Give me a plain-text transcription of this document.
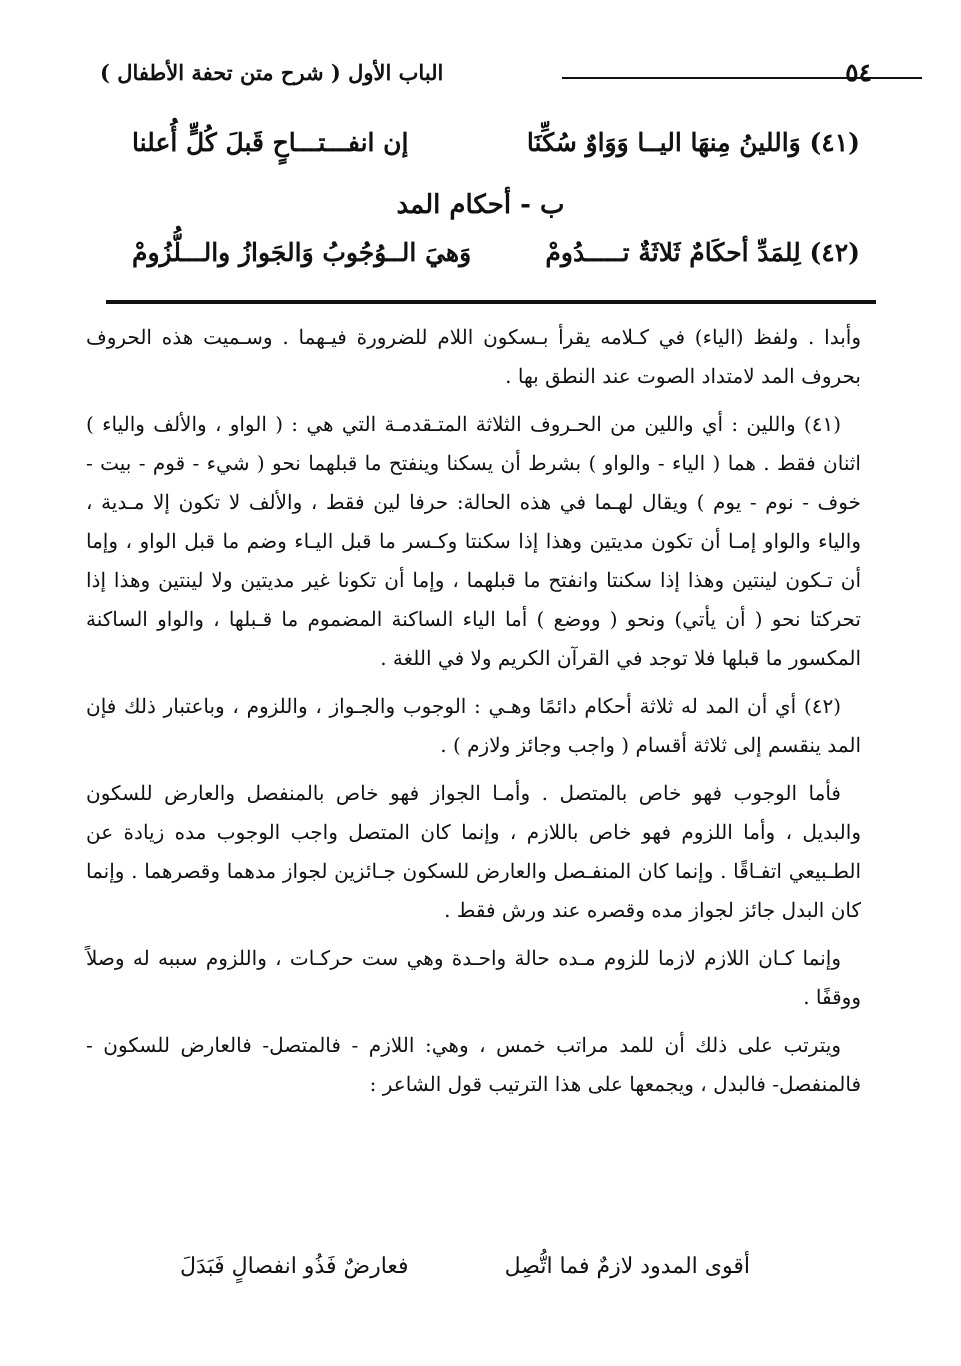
٥٤
الباب الأول ( شرح متن تحفة الأطفال )
(٤١) وَاللينُ مِنهَا اليــا وَوَاوٌ سُكِّنَا
إن انفـــتـــاحٍ قَبلَ كُلٍّ أُعلنا
ب - أحكام المد
(٤٢) لِلمَدِّ أحكَامٌ ثَلاثَةٌ تـــــدُومْ
وَهيَ الــوُجُوبُ وَالجَوازُ والـــلُّزُومْ

وأبدا . ولفظ (الياء) في كـلامه يقرأ بـسكون اللام للضرورة فيـهما . وسـميت هذه الحروف بحروف المد لامتداد الصوت عند النطق بها .

(٤١) واللين : أي واللين من الحـروف الثلاثة المتـقدمـة التي هي : ( الواو ، والألف والياء ) اثنان فقط . هما ( الياء - والواو ) بشرط أن يسكنا وينفتح ما قبلهما نحو ( شيء - قوم - بيت - خوف - نوم - يوم ) ويقال لهـما في هذه الحالة: حرفا لين فقط ، والألف لا تكون إلا مـدية ، والياء والواو إمـا أن تكون مديتين وهذا إذا سكنتا وكـسر ما قبل اليـاء وضم ما قبل الواو ، وإما أن تـكون لينتين وهذا إذا سكنتا وانفتح ما قبلهما ، وإما أن تكونا غير مديتين ولا لينتين وهذا إذا تحركتا نحو ( أن يأتي) ونحو ( ووضع ) أما الياء الساكنة المضموم ما قـبلها ، والواو الساكنة المكسور ما قبلها فلا توجد في القرآن الكريم ولا في اللغة .

(٤٢) أي أن المد له ثلاثة أحكام دائمًا وهـي : الوجوب والجـواز ، واللزوم ، وباعتبار ذلك فإن المد ينقسم إلى ثلاثة أقسام ( واجب وجائز ولازم ) .

فأما الوجوب فهو خاص بالمتصل . وأمـا الجواز فهو خاص بالمنفصل والعارض للسكون والبديل ، وأما اللزوم فهو خاص باللازم ، وإنما كان المتصل واجب الوجوب مده زيادة عن الطـبيعي اتفـاقًا . وإنما كان المنفـصل والعارض للسكون جـائزين لجواز مدهما وقصرهما . وإنما كان البدل جائز لجواز مده وقصره عند ورش فقط .

وإنما كـان اللازم لازما للزوم مـده حالة واحـدة وهي ست حركـات ، واللزوم سببه له وصلاً ووقفًا .

ويترتب على ذلك أن للمد مراتب خمس ، وهي: اللازم - فالمتصل- فالعارض للسكون - فالمنفصل- فالبدل ، ويجمعها على هذا الترتيب قول الشاعر :

أقوى المدود لازمٌ فما اتُّصِل
فعارضٌ فَذُو انفصالٍ فَبَدَلَ
